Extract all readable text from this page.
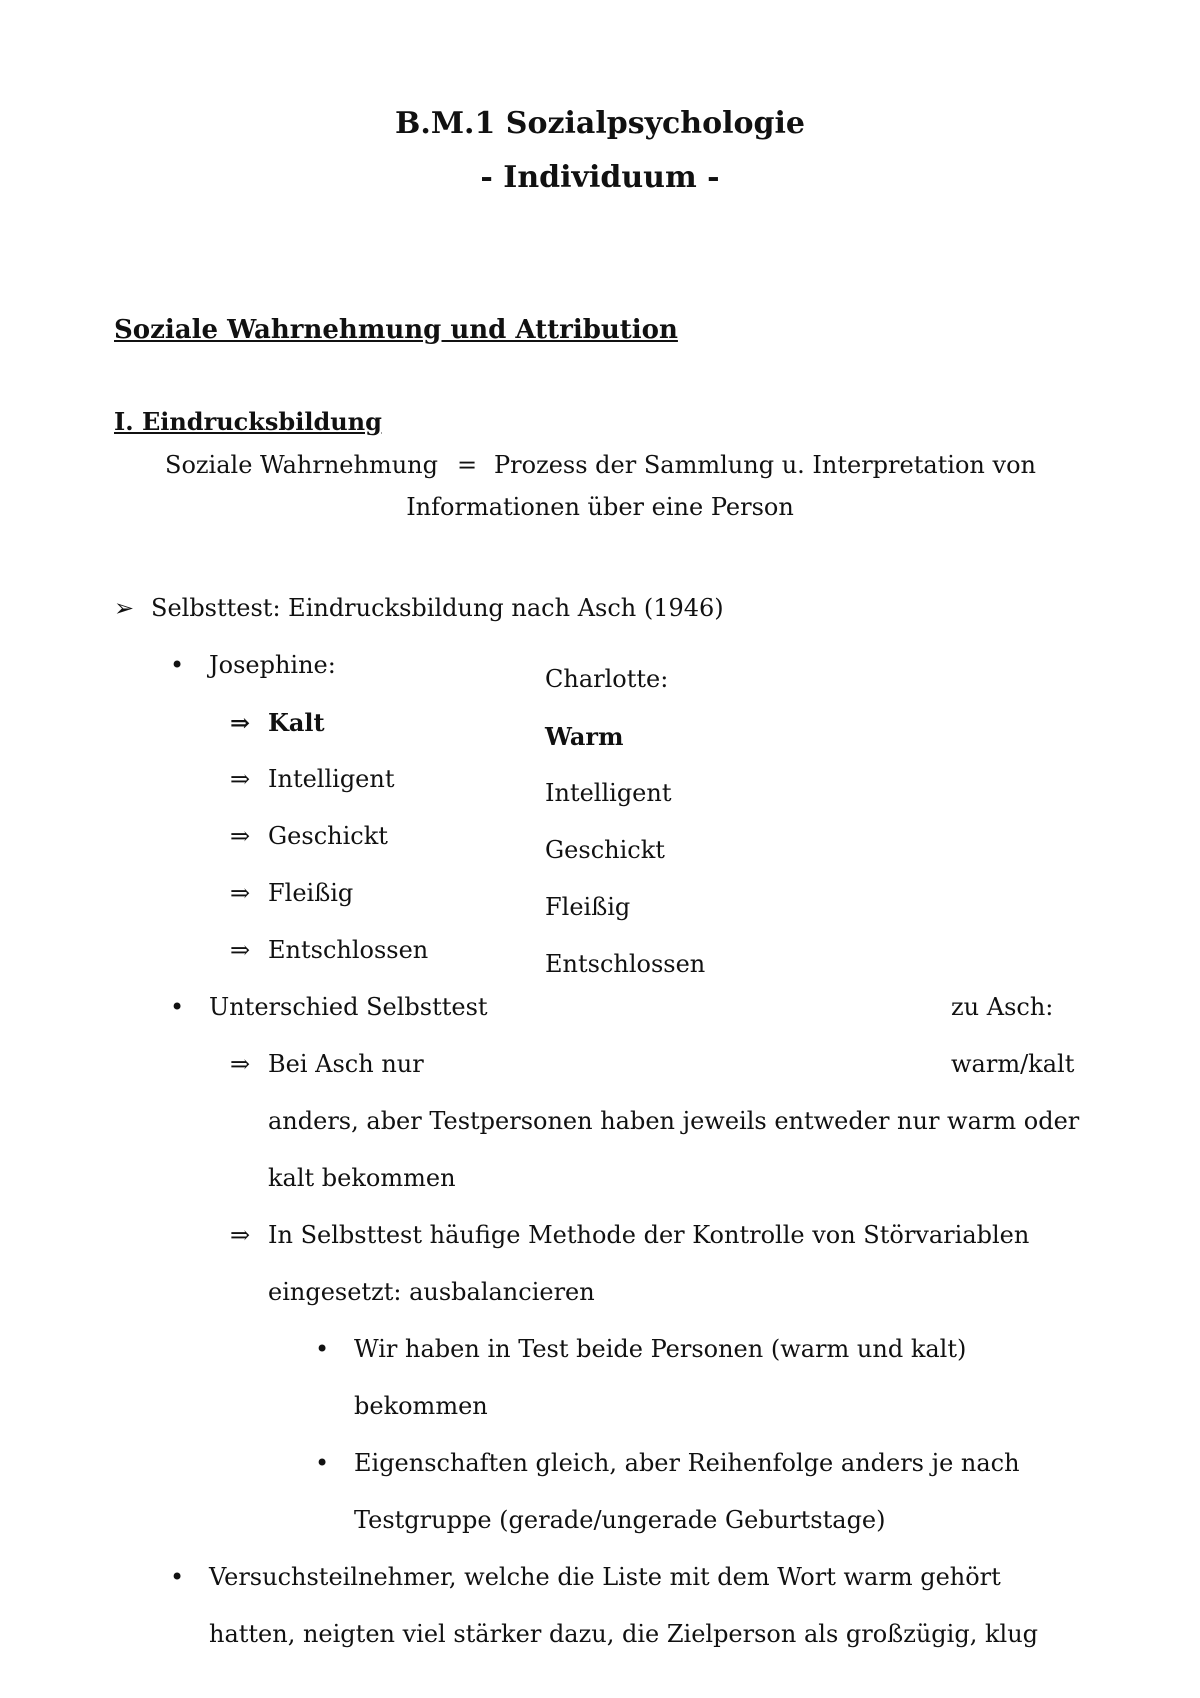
B.M.1 Sozialpsychologie
- Individuum -
Soziale Wahrnehmung und Attribution
I. Eindrucksbildung
Soziale Wahrnehmung = Prozess der Sammlung u. Interpretation von
Informationen über eine Person
➢ Selbsttest: Eindrucksbildung nach Asch (1946)
• Josephine:
⇒ Kalt
⇒ Intelligent
⇒ Geschickt
⇒ Fleißig
⇒ Entschlossen
Charlotte:
Warm
Intelligent
Geschickt
Fleißig
Entschlossen
• Unterschied Selbsttest	zu Asch:
⇒ Bei Asch nur	warm/kalt
anders, aber Testpersonen haben jeweils entweder nur warm oder
kalt bekommen
⇒ In Selbsttest häufige Methode der Kontrolle von Störvariablen
eingesetzt: ausbalancieren
• Wir haben in Test beide Personen (warm und kalt)
bekommen
• Eigenschaften gleich, aber Reihenfolge anders je nach
Testgruppe (gerade/ungerade Geburtstage)
• Versuchsteilnehmer, welche die Liste mit dem Wort warm gehört
hatten, neigten viel stärker dazu, die Zielperson als großzügig, klug
